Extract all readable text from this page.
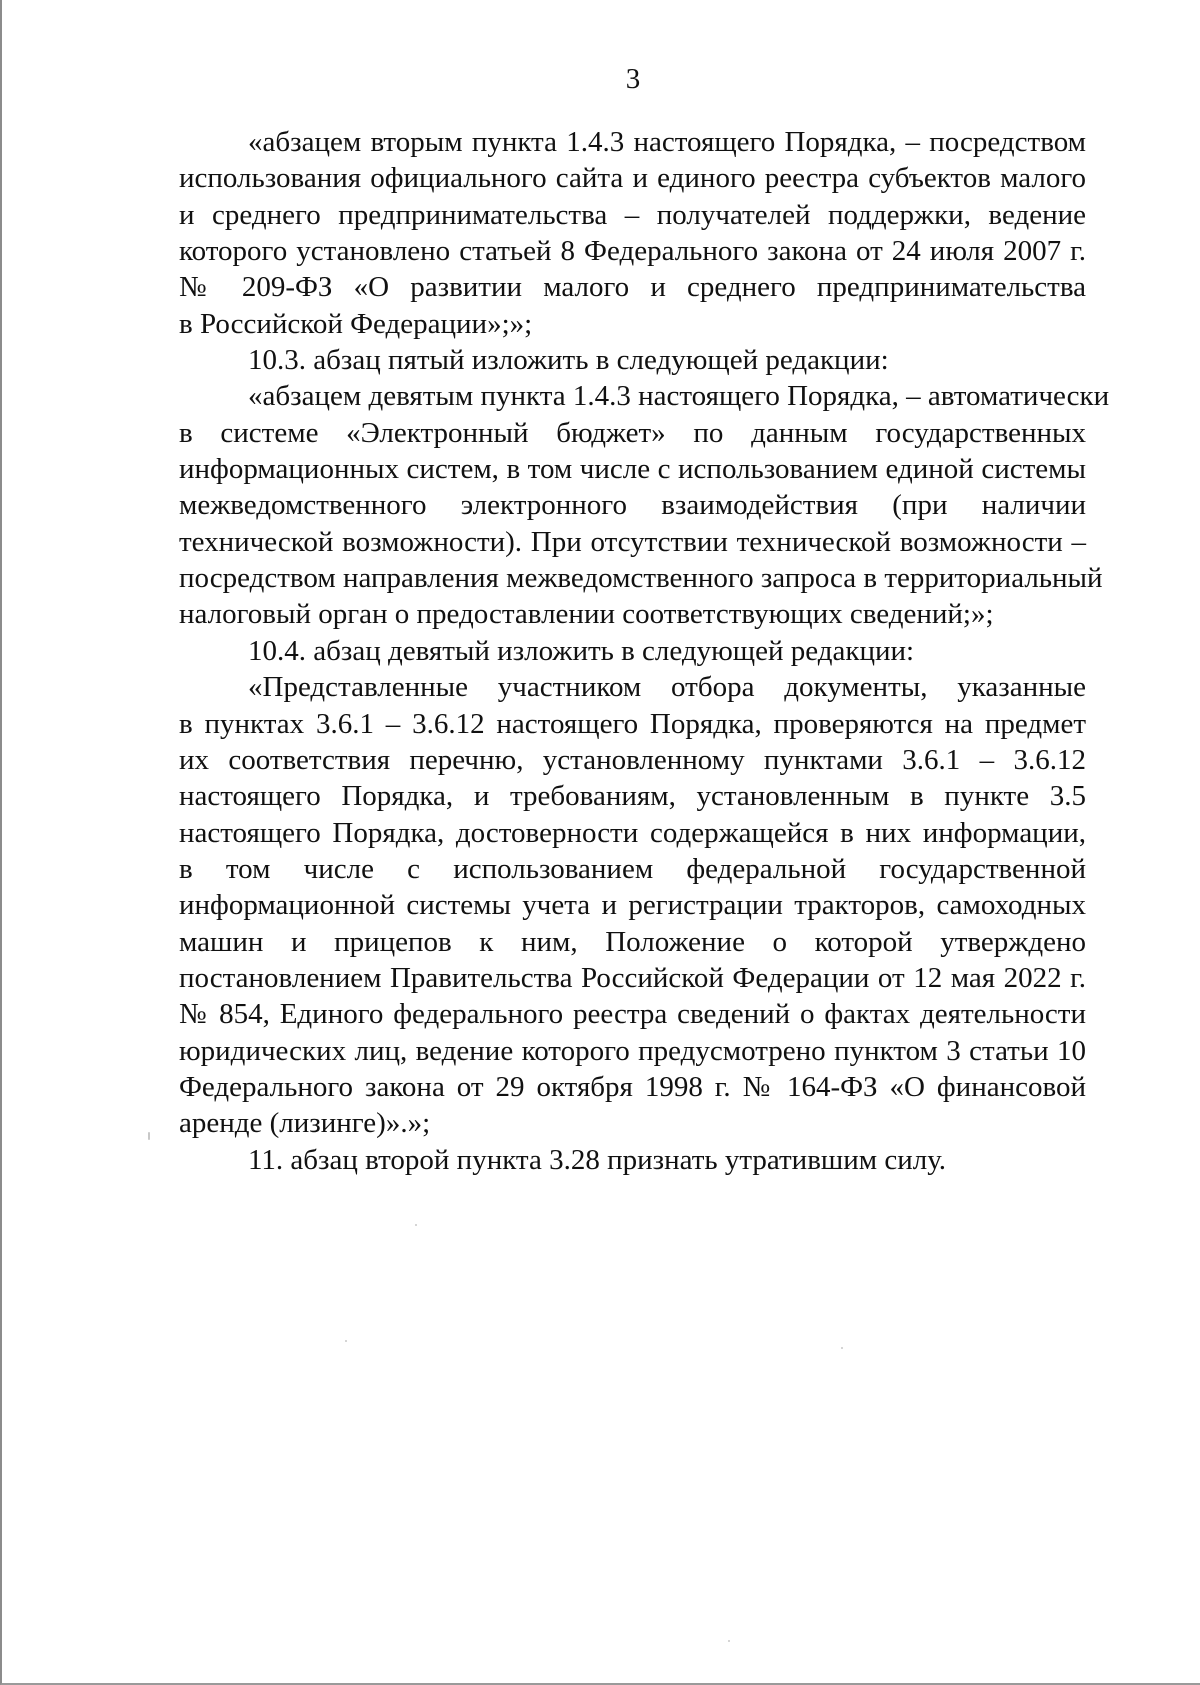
3

«абзацем вторым пункта 1.4.3 настоящего Порядка, – посредством
использования официального сайта и единого реестра субъектов малого
и среднего предпринимательства – получателей поддержки, ведение
которого установлено статьей 8 Федерального закона от 24 июля 2007 г.
№ 209-ФЗ «О развитии малого и среднего предпринимательства
в Российской Федерации»;»;

10.3. абзац пятый изложить в следующей редакции:

«абзацем девятым пункта 1.4.3 настоящего Порядка, – автоматически
в системе «Электронный бюджет» по данным государственных
информационных систем, в том числе с использованием единой системы
межведомственного электронного взаимодействия (при наличии
технической возможности). При отсутствии технической возможности –
посредством направления межведомственного запроса в территориальный
налоговый орган о предоставлении соответствующих сведений;»;

10.4. абзац девятый изложить в следующей редакции:

«Представленные участником отбора документы, указанные
в пунктах 3.6.1 – 3.6.12 настоящего Порядка, проверяются на предмет
их соответствия перечню, установленному пунктами 3.6.1 – 3.6.12
настоящего Порядка, и требованиям, установленным в пункте 3.5
настоящего Порядка, достоверности содержащейся в них информации,
в том числе с использованием федеральной государственной
информационной системы учета и регистрации тракторов, самоходных
машин и прицепов к ним, Положение о которой утверждено
постановлением Правительства Российской Федерации от 12 мая 2022 г.
№ 854, Единого федерального реестра сведений о фактах деятельности
юридических лиц, ведение которого предусмотрено пунктом 3 статьи 10
Федерального закона от 29 октября 1998 г. № 164-ФЗ «О финансовой
аренде (лизинге)».»;

11. абзац второй пункта 3.28 признать утратившим силу.
